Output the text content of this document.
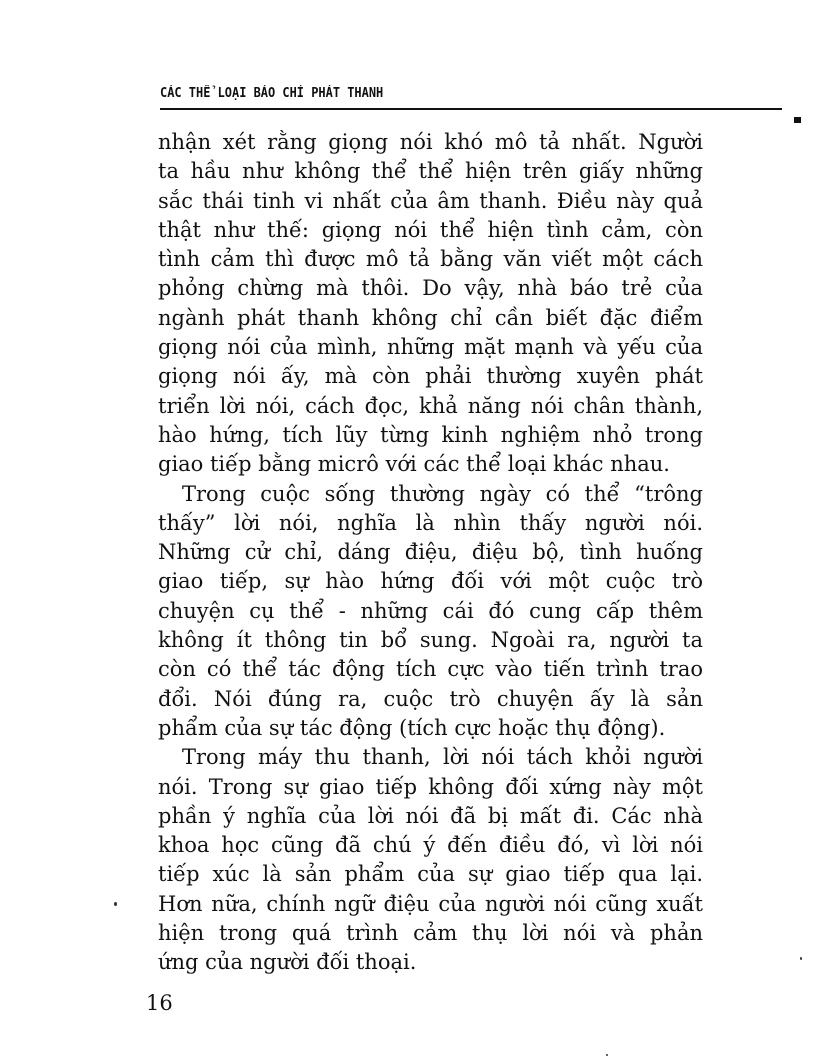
CÁC THỂ LOẠI BÁO CHÍ PHÁT THANH
nhận xét rằng giọng nói khó mô tả nhất. Người
ta hầu như không thể thể hiện trên giấy những
sắc thái tinh vi nhất của âm thanh. Điều này quả
thật như thế: giọng nói thể hiện tình cảm, còn
tình cảm thì được mô tả bằng văn viết một cách
phỏng chừng mà thôi. Do vậy, nhà báo trẻ của
ngành phát thanh không chỉ cần biết đặc điểm
giọng nói của mình, những mặt mạnh và yếu của
giọng nói ấy, mà còn phải thường xuyên phát
triển lời nói, cách đọc, khả năng nói chân thành,
hào hứng, tích lũy từng kinh nghiệm nhỏ trong
giao tiếp bằng micrô với các thể loại khác nhau.
Trong cuộc sống thường ngày có thể “trông
thấy” lời nói, nghĩa là nhìn thấy người nói.
Những cử chỉ, dáng điệu, điệu bộ, tình huống
giao tiếp, sự hào hứng đối với một cuộc trò
chuyện cụ thể - những cái đó cung cấp thêm
không ít thông tin bổ sung. Ngoài ra, người ta
còn có thể tác động tích cực vào tiến trình trao
đổi. Nói đúng ra, cuộc trò chuyện ấy là sản
phẩm của sự tác động (tích cực hoặc thụ động).
Trong máy thu thanh, lời nói tách khỏi người
nói. Trong sự giao tiếp không đối xứng này một
phần ý nghĩa của lời nói đã bị mất đi. Các nhà
khoa học cũng đã chú ý đến điều đó, vì lời nói
tiếp xúc là sản phẩm của sự giao tiếp qua lại.
Hơn nữa, chính ngữ điệu của người nói cũng xuất
hiện trong quá trình cảm thụ lời nói và phản
ứng của người đối thoại.
16
